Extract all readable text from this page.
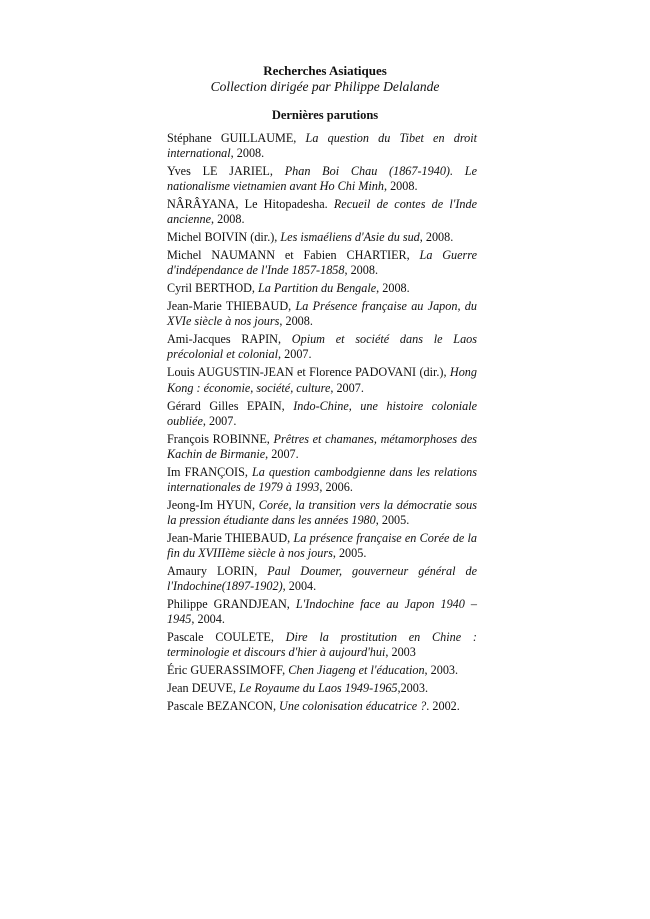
Recherches Asiatiques

Collection dirigée par Philippe Delalande

Dernières parutions

Stéphane GUILLAUME, La question du Tibet en droit international, 2008.

Yves LE JARIEL, Phan Boi Chau (1867-1940). Le nationalisme vietnamien avant Ho Chi Minh, 2008.

NÂRÂYANA, Le Hitopadesha. Recueil de contes de l'Inde ancienne, 2008.

Michel BOIVIN (dir.), Les ismaéliens d'Asie du sud, 2008.

Michel NAUMANN et Fabien CHARTIER, La Guerre d'indépendance de l'Inde 1857-1858, 2008.

Cyril BERTHOD, La Partition du Bengale, 2008.

Jean-Marie THIEBAUD, La Présence française au Japon, du XVIe siècle à nos jours, 2008.

Ami-Jacques RAPIN, Opium et société dans le Laos précolonial et colonial, 2007.

Louis AUGUSTIN-JEAN et Florence PADOVANI (dir.), Hong Kong : économie, société, culture, 2007.

Gérard Gilles EPAIN, Indo-Chine, une histoire coloniale oubliée, 2007.

François ROBINNE, Prêtres et chamanes, métamorphoses des Kachin de Birmanie, 2007.

Im FRANÇOIS, La question cambodgienne dans les relations internationales de 1979 à 1993, 2006.

Jeong-Im HYUN, Corée, la transition vers la démocratie sous la pression étudiante dans les années 1980, 2005.

Jean-Marie THIEBAUD, La présence française en Corée de la fin du XVIIIème siècle à nos jours, 2005.

Amaury LORIN, Paul Doumer, gouverneur général de l'Indochine(1897-1902), 2004.

Philippe GRANDJEAN, L'Indochine face au Japon 1940 – 1945, 2004.

Pascale COULETE, Dire la prostitution en Chine : terminologie et discours d'hier à aujourd'hui, 2003

Éric GUERASSIMOFF, Chen Jiageng et l'éducation, 2003.

Jean DEUVE, Le Royaume du Laos 1949-1965,2003.

Pascale BEZANCON, Une colonisation éducatrice ?. 2002.
